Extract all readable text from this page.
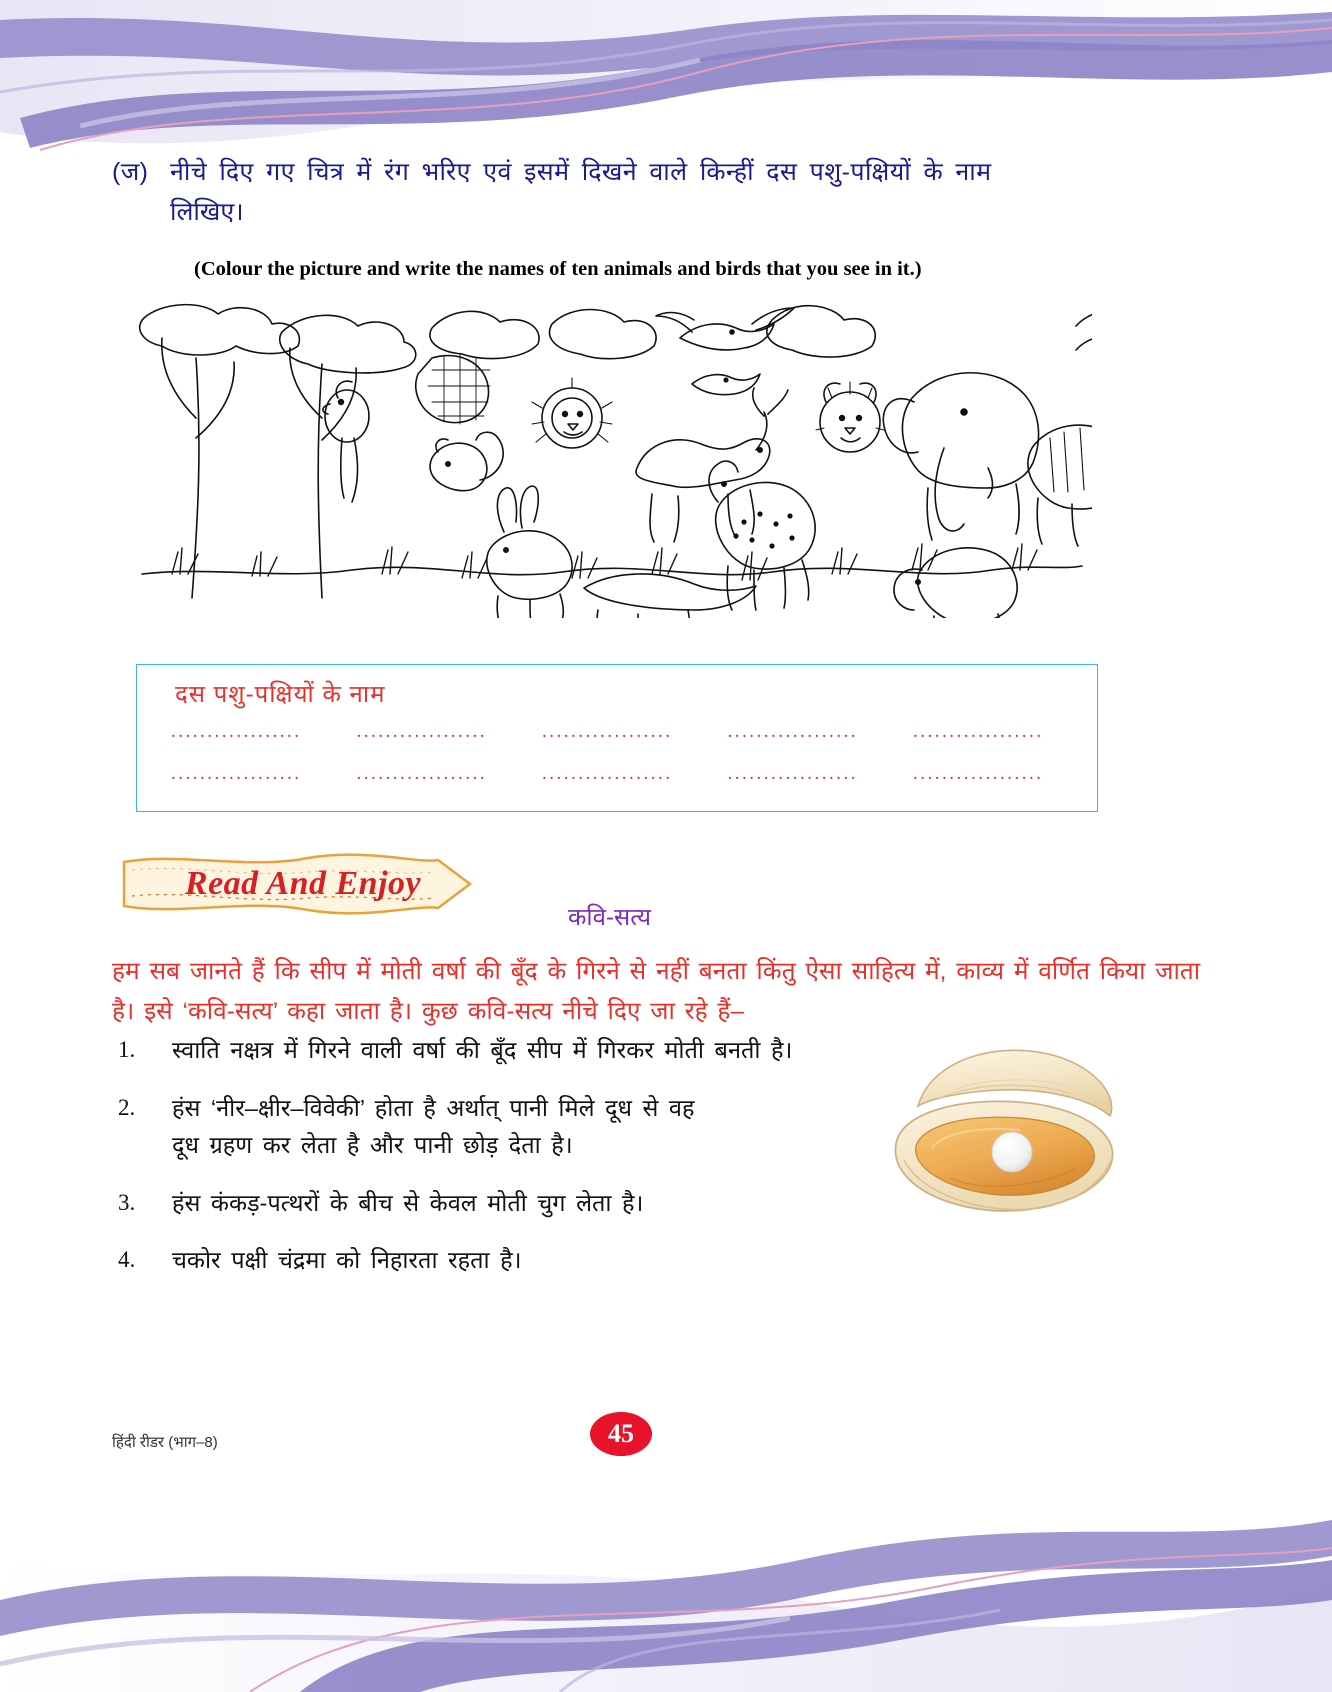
(ज) नीचे दिए गए चित्र में रंग भरिए एवं इसमें दिखने वाले किन्हीं दस पशु-पक्षियों के नाम
लिखिए।
(Colour the picture and write the names of ten animals and birds that you see in it.)
दस पशु-पक्षियों के नाम
..................	..................	..................	..................	..................
..................	..................	..................	..................	..................
Read And Enjoy
कवि-सत्य
हम सब जानते हैं कि सीप में मोती वर्षा की बूँद के गिरने से नहीं बनता किंतु ऐसा साहित्य में, काव्य में वर्णित किया जाता है। इसे ‘कवि-सत्य’ कहा जाता है। कुछ कवि-सत्य नीचे दिए जा रहे हैं–
1.	स्वाति नक्षत्र में गिरने वाली वर्षा की बूँद सीप में गिरकर मोती बनती है।
2.	हंस ‘नीर–क्षीर–विवेकी’ होता है अर्थात् पानी मिले दूध से वह
दूध ग्रहण कर लेता है और पानी छोड़ देता है।
3.	हंस कंकड़-पत्थरों के बीच से केवल मोती चुग लेता है।
4.	चकोर पक्षी चंद्रमा को निहारता रहता है।
हिंदी रीडर (भाग–8)	45
